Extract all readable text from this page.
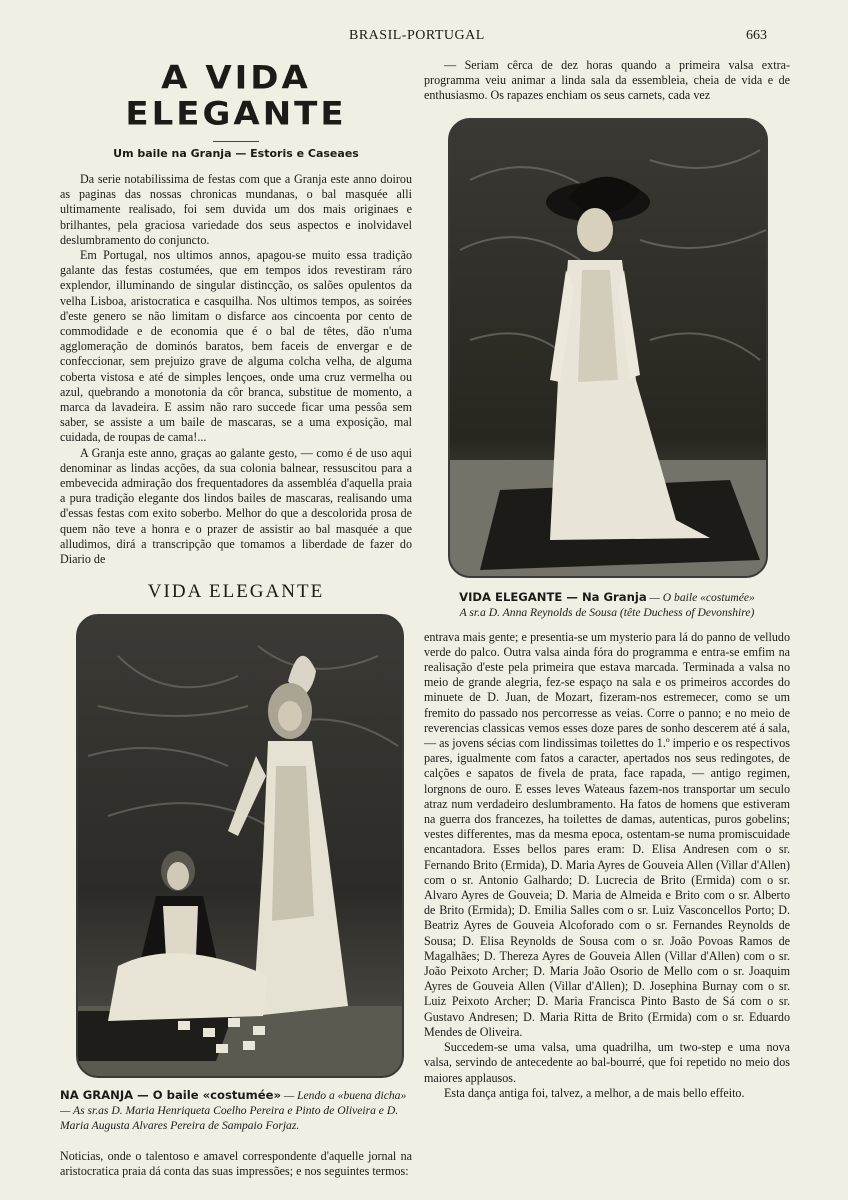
BRASIL-PORTUGAL	663
A VIDA ELEGANTE

Um baile na Granja — Estoris e Caseaes

Da serie notabilissima de festas com que a Granja este anno doirou as paginas das nossas chronicas mundanas, o bal masquée alli ultimamente realisado, foi sem duvida um dos mais originaes e brilhantes, pela graciosa variedade dos seus aspectos e inolvidavel deslumbramento do conjuncto.

Em Portugal, nos ultimos annos, apagou-se muito essa tradição galante das festas costumées, que em tempos idos revestiram ráro explendor, illuminando de singular distincção, os salões opulentos da velha Lisboa, aristocratica e casquilha. Nos ultimos tempos, as soirées d'este genero se não limitam o disfarce aos cincoenta por cento de commodidade e de economia que é o bal de têtes, dão n'uma agglomeração de dominós baratos, bem faceis de envergar e de confeccionar, sem prejuizo grave de alguma colcha velha, de alguma coberta vistosa e até de simples lençoes, onde uma cruz vermelha ou azul, quebrando a monotonia da côr branca, substitue de momento, a marca da lavadeira. E assim não raro succede ficar uma pessôa sem saber, se assiste a um baile de mascaras, se a uma exposição, mal cuidada, de roupas de cama!...

A Granja este anno, graças ao galante gesto, — como é de uso aqui denominar as lindas acções, da sua colonia balnear, ressuscitou para a embevecida admiração dos frequentadores da assembléa d'aquella praia a pura tradição elegante dos lindos bailes de mascaras, realisando uma d'essas festas com exito soberbo. Melhor do que a descolorida prosa de quem não teve a honra e o prazer de assistir ao bal masquée a que alludimos, dirá a transcripção que tomamos a liberdade de fazer do Diario de

VIDA ELEGANTE

NA GRANJA — O baile «costumée» — Lendo a «buena dicha» — As sr.as D. Maria Henriqueta Coelho Pereira e Pinto de Oliveira e D. Maria Augusta Alvares Pereira de Sampaio Forjaz.

Noticias, onde o talentoso e amavel correspondente d'aquelle jornal na aristocratica praia dá conta das suas impressões; e nos seguintes termos:

— Seriam cêrca de dez horas quando a primeira valsa extra-programma veiu animar a linda sala da essembleia, cheia de vida e de enthusiasmo. Os rapazes enchiam os seus carnets, cada vez

VIDA ELEGANTE — Na Granja — O baile «costumée»
A sr.a D. Anna Reynolds de Sousa (tête Duchess of Devonshire)

entrava mais gente; e presentia-se um mysterio para lá do panno de velludo verde do palco. Outra valsa ainda fóra do programma e entra-se emfim na realisação d'este pela primeira que estava marcada. Terminada a valsa no meio de grande alegria, fez-se espaço na sala e os primeiros accordes do minuete de D. Juan, de Mozart, fizeram-nos estremecer, como se um fremito do passado nos percorresse as veias. Corre o panno; e no meio de reverencias classicas vemos esses doze pares de sonho descerem até á sala, — as jovens sécias com lindissimas toilettes do 1.º imperio e os respectivos pares, igualmente com fatos a caracter, apertados nos seus redingotes, de calções e sapatos de fivela de prata, face rapada, — antigo regimen, lorgnons de ouro. E esses leves Wateaus fazem-nos transportar um seculo atraz num verdadeiro deslumbramento. Ha fatos de homens que estiveram na guerra dos francezes, ha toilettes de damas, autenticas, puros gobelins; vestes differentes, mas da mesma epoca, ostentam-se numa promiscuidade encantadora. Esses bellos pares eram: D. Elisa Andresen com o sr. Fernando Brito (Ermida), D. Maria Ayres de Gouveia Allen (Villar d'Allen) com o sr. Antonio Galhardo; D. Lucrecia de Brito (Ermida) com o sr. Alvaro Ayres de Gouveia; D. Maria de Almeida e Brito com o sr. Alberto de Brito (Ermida); D. Emilia Salles com o sr. Luiz Vasconcellos Porto; D. Beatriz Ayres de Gouveia Alcoforado com o sr. Fernandes Reynolds de Sousa; D. Elisa Reynolds de Sousa com o sr. João Povoas Ramos de Magalhães; D. Thereza Ayres de Gouveia Allen (Villar d'Allen) com o sr. João Peixoto Archer; D. Maria João Osorio de Mello com o sr. Joaquim Ayres de Gouveia Allen (Villar d'Allen); D. Josephina Burnay com o sr. Luiz Peixoto Archer; D. Maria Francisca Pinto Basto de Sá com o sr. Gustavo Andresen; D. Maria Ritta de Brito (Ermida) com o sr. Eduardo Mendes de Oliveira.

Succedem-se uma valsa, uma quadrilha, um two-step e uma nova valsa, servindo de antecedente ao bal-bourré, que foi repetido no meio dos maiores applausos.

Esta dança antiga foi, talvez, a melhor, a de mais bello effeito.
